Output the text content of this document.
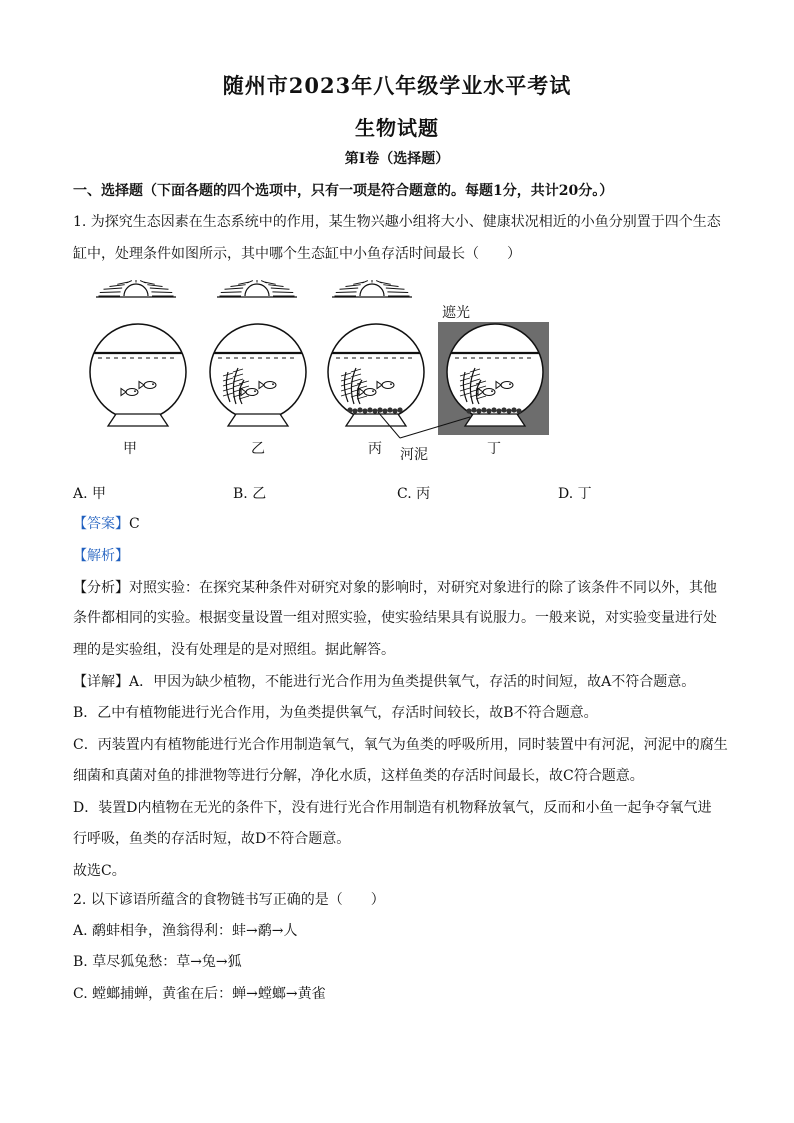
随州市2023年八年级学业水平考试
生物试题
第Ⅰ卷（选择题）
一、选择题（下面各题的四个选项中，只有一项是符合题意的。每题1分，共计20分。）
1. 为探究生态因素在生态系统中的作用，某生物兴趣小组将大小、健康状况相近的小鱼分别置于四个生态
缸中，处理条件如图所示，其中哪个生态缸中小鱼存活时间最长（　　）
遮光
甲	乙	丙	丁
河泥
A. 甲	B. 乙	C. 丙	D. 丁
【答案】C
【解析】
【分析】对照实验：在探究某种条件对研究对象的影响时，对研究对象进行的除了该条件不同以外，其他
条件都相同的实验。根据变量设置一组对照实验，使实验结果具有说服力。一般来说，对实验变量进行处
理的是实验组，没有处理是的是对照组。据此解答。
【详解】A．甲因为缺少植物，不能进行光合作用为鱼类提供氧气，存活的时间短，故A不符合题意。
B．乙中有植物能进行光合作用，为鱼类提供氧气，存活时间较长，故B不符合题意。
C．丙装置内有植物能进行光合作用制造氧气，氧气为鱼类的呼吸所用，同时装置中有河泥，河泥中的腐生
细菌和真菌对鱼的排泄物等进行分解，净化水质，这样鱼类的存活时间最长，故C符合题意。
D．装置D内植物在无光的条件下，没有进行光合作用制造有机物释放氧气，反而和小鱼一起争夺氧气进
行呼吸，鱼类的存活时短，故D不符合题意。
故选C。
2. 以下谚语所蕴含的食物链书写正确的是（　　）
A. 鹬蚌相争，渔翁得利：蚌→鹬→人
B. 草尽狐兔愁：草→兔→狐
C. 螳螂捕蝉，黄雀在后：蝉→螳螂→黄雀
